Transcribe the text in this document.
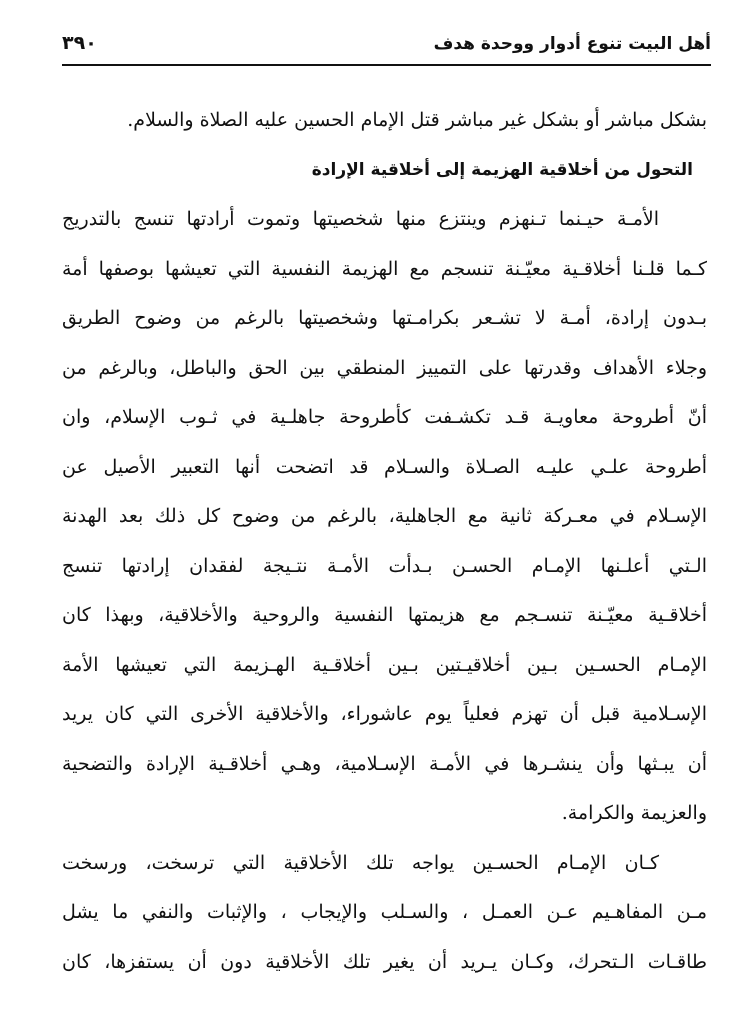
أهل البيت تنوع أدوار ووحدة هدف
٣٩٠
بشكل مباشر أو بشكل غير مباشر قتل الإمام الحسين عليه الصلاة والسلام.
التحول من أخلاقية الهزيمة إلى أخلاقية الإرادة
الأمـة حيـنما تـنهزم وينتزع منها شخصيتها وتموت أرادتها تنسج بالتدريج
كـما قلـنا أخلاقـية معيّـنة تنسجم مع الهزيمة النفسية التي تعيشها بوصفها أمة
بـدون إرادة، أمـة لا تشـعر بكرامـتها وشخصيتها بالرغم من وضوح الطريق
وجلاء الأهداف وقدرتها على التمييز المنطقي بين الحق والباطل، وبالرغم من
أنّ أطروحة معاويـة قـد تكشـفت كأطروحة جاهلـية في ثـوب الإسلام، وان
أطروحة علـي عليـه الصـلاة والسـلام قد اتضحت أنها التعبير الأصيل عن
الإسـلام في معـركة ثانية مع الجاهلية، بالرغم من وضوح كل ذلك بعد الهدنة
الـتي أعلـنها الإمـام الحسـن بـدأت الأمـة نتـيجة لفقدان إرادتها تنسج
أخلاقـية معيّـنة تنسـجم مع هزيمتها النفسية والروحية والأخلاقية، وبهذا كان
الإمـام الحسـين بـين أخلاقيـتين بـين أخلاقـية الهـزيمة التي تعيشها الأمة
الإسـلامية قبل أن تهزم فعلياً يوم عاشوراء، والأخلاقية الأخرى التي كان يريد
أن يبـثها وأن ينشـرها في الأمـة الإسـلامية، وهـي أخلاقـية الإرادة والتضحية
والعزيمة والكرامة.
كـان الإمـام الحسـين يواجه تلك الأخلاقية التي ترسخت، ورسخت
مـن المفاهـيم عـن العمـل ، والسـلب والإيجاب ، والإثبات والنفي ما يشل
طاقـات الـتحرك، وكـان يـريد أن يغير تلك الأخلاقية دون أن يستفزها، كان
